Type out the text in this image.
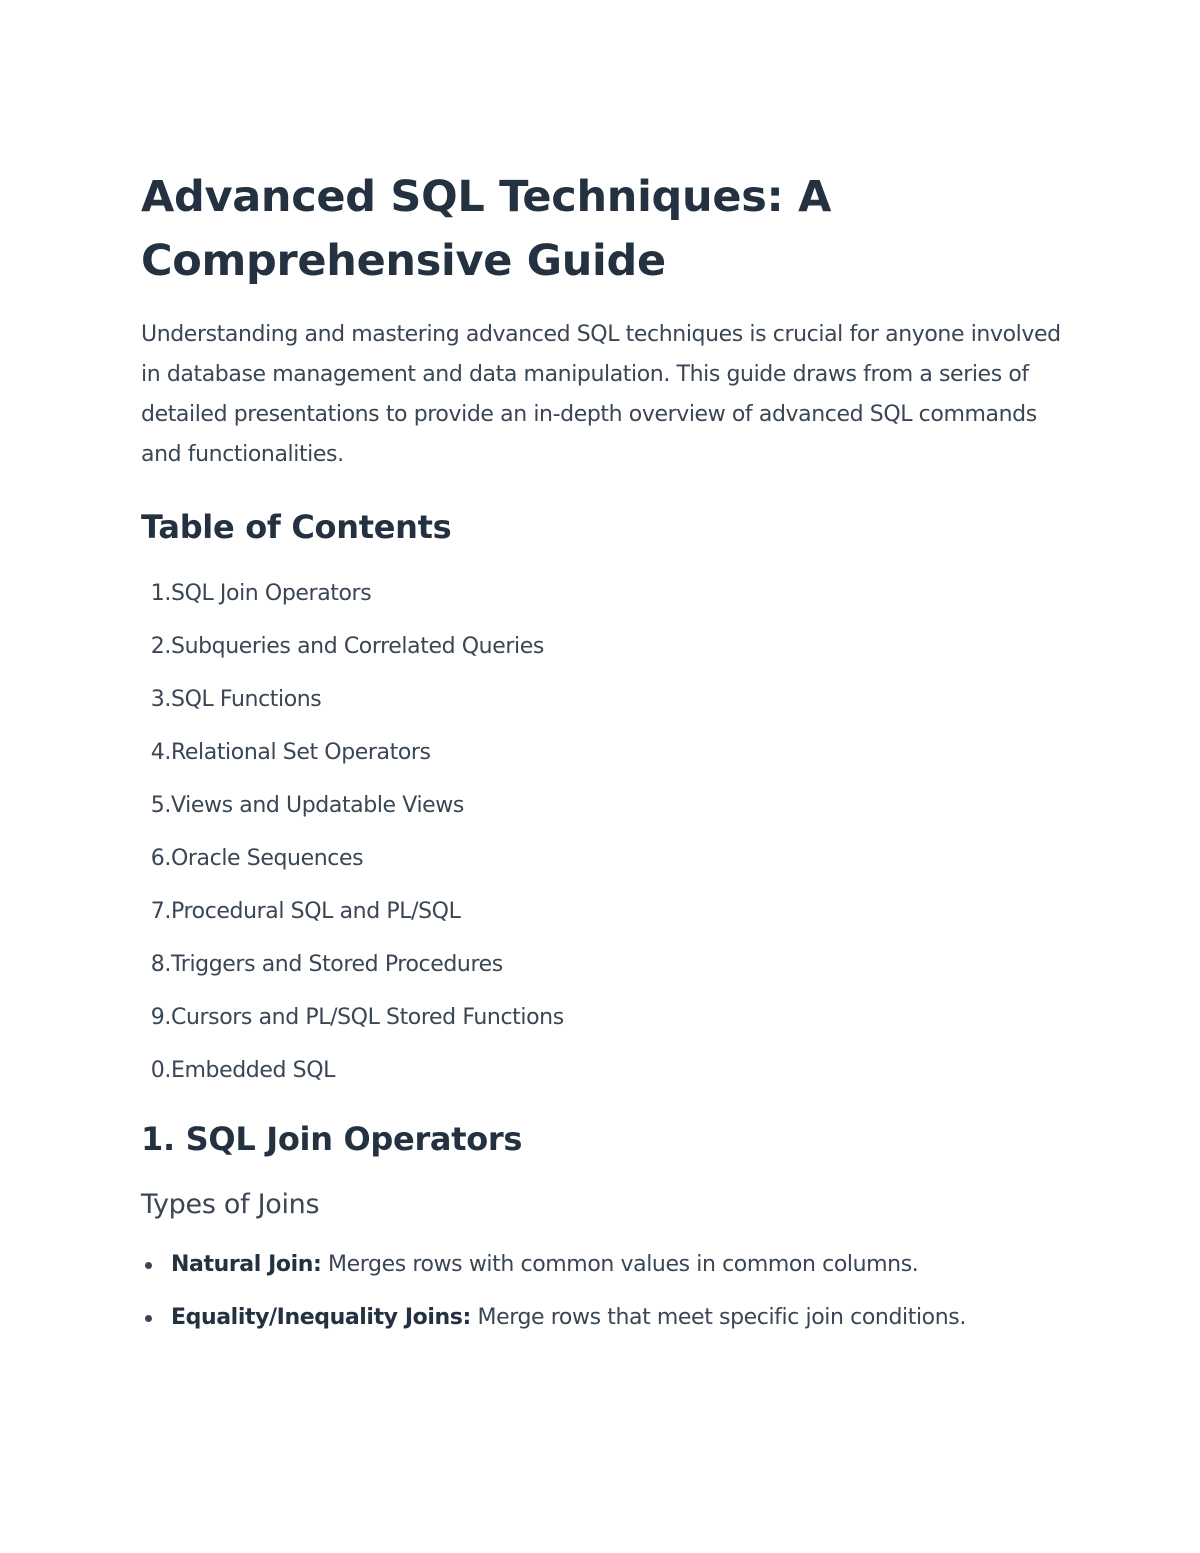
Advanced SQL Techniques: A Comprehensive Guide

Understanding and mastering advanced SQL techniques is crucial for anyone involved in database management and data manipulation. This guide draws from a series of detailed presentations to provide an in-depth overview of advanced SQL commands and functionalities.

Table of Contents
1. SQL Join Operators
2. Subqueries and Correlated Queries
3. SQL Functions
4. Relational Set Operators
5. Views and Updatable Views
6. Oracle Sequences
7. Procedural SQL and PL/SQL
8. Triggers and Stored Procedures
9. Cursors and PL/SQL Stored Functions
0. Embedded SQL
1. SQL Join Operators
Types of Joins
Natural Join: Merges rows with common values in common columns.
Equality/Inequality Joins: Merge rows that meet specific join conditions.
